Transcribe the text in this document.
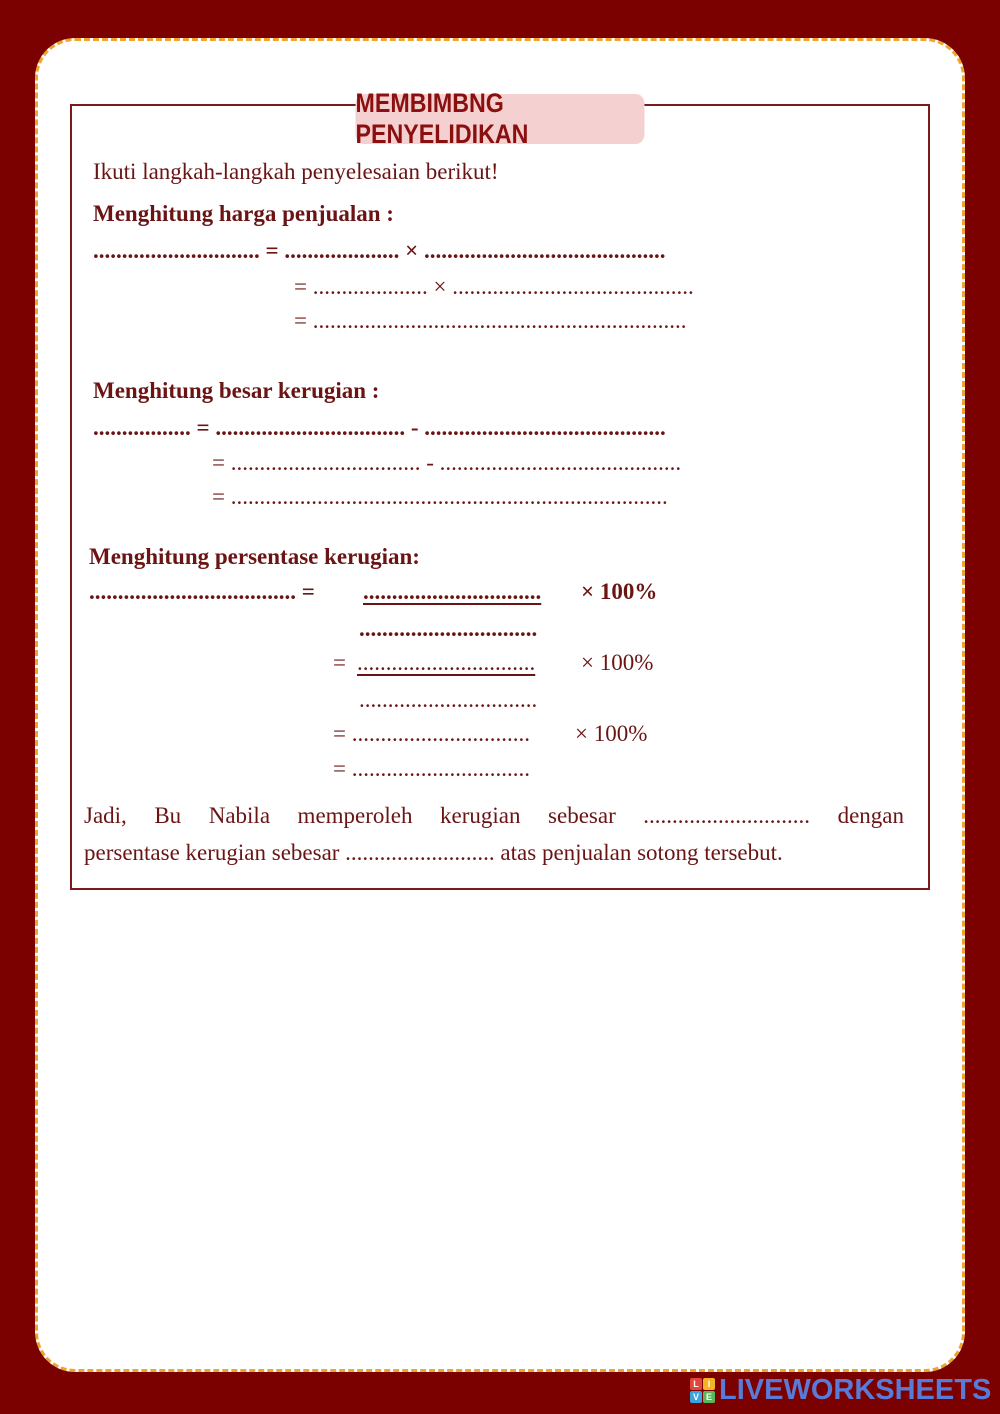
MEMBIMBNG PENYELIDIKAN
Ikuti langkah-langkah penyelesaian berikut!
Menghitung harga penjualan :
............................. = .................... × ..........................................
= .................... × ..........................................
= .................................................................
Menghitung besar kerugian :
................. = ................................. - ..........................................
= ................................. - ..........................................
= ............................................................................
Menghitung persentase kerugian:
.................................... = ............................... × 100%
...............................
= ............................... × 100%
...............................
= ............................... × 100%
= ...............................
Jadi, Bu Nabila memperoleh kerugian sebesar ............................. dengan
persentase kerugian sebesar .......................... atas penjualan sotong tersebut.
L I
V E LIVEWORKSHEETS
